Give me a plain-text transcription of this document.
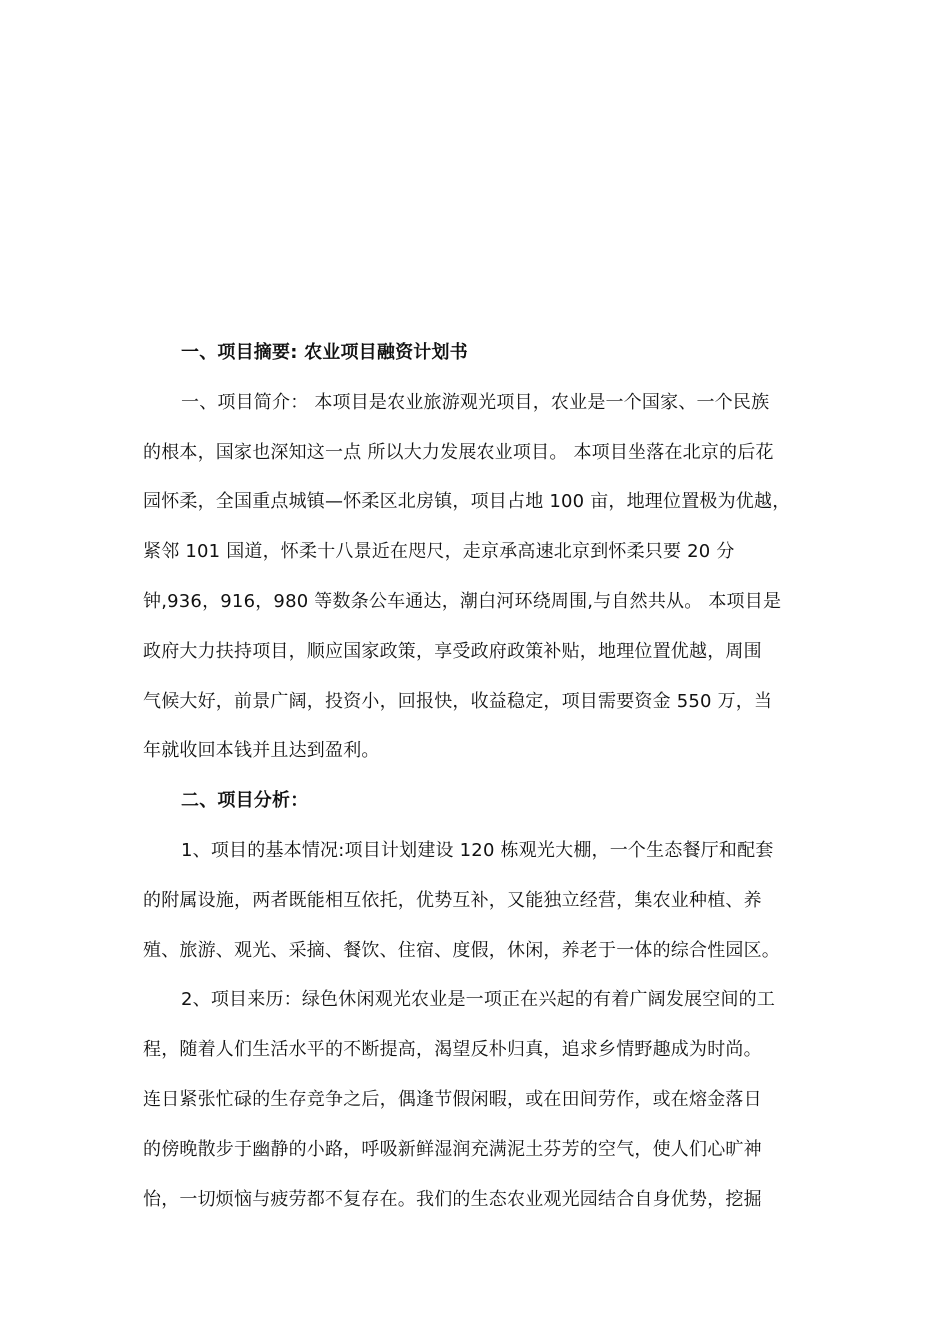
一、项目摘要: 农业项目融资计划书
一、项目简介： 本项目是农业旅游观光项目，农业是一个国家、一个民族
的根本，国家也深知这一点 所以大力发展农业项目。 本项目坐落在北京的后花
园怀柔，全国重点城镇—怀柔区北房镇，项目占地 100 亩，地理位置极为优越，
紧邻 101 国道，怀柔十八景近在咫尺，走京承高速北京到怀柔只要 20 分
钟,936，916，980 等数条公车通达，潮白河环绕周围,与自然共从。 本项目是
政府大力扶持项目，顺应国家政策，享受政府政策补贴，地理位置优越，周围
气候大好，前景广阔，投资小，回报快，收益稳定，项目需要资金 550 万，当
年就收回本钱并且达到盈利。
二、项目分析：
1、项目的基本情况:项目计划建设 120 栋观光大棚，一个生态餐厅和配套
的附属设施，两者既能相互依托，优势互补，又能独立经营，集农业种植、养
殖、旅游、观光、采摘、餐饮、住宿、度假，休闲，养老于一体的综合性园区。
2、项目来历：绿色休闲观光农业是一项正在兴起的有着广阔发展空间的工
程，随着人们生活水平的不断提高，渴望反朴归真，追求乡情野趣成为时尚。
连日紧张忙碌的生存竞争之后，偶逢节假闲暇，或在田间劳作，或在熔金落日
的傍晚散步于幽静的小路，呼吸新鲜湿润充满泥土芬芳的空气，使人们心旷神
怡，一切烦恼与疲劳都不复存在。我们的生态农业观光园结合自身优势，挖掘
